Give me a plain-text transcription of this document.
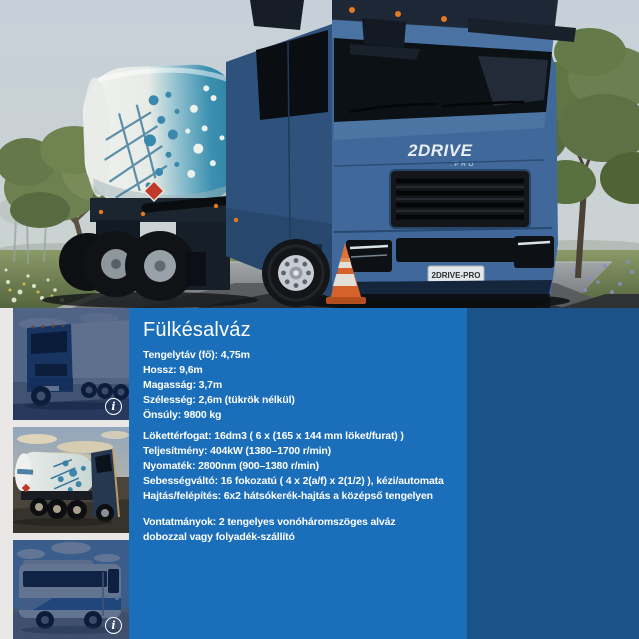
2DRIVE
.PRO
2DRIVE-PRO
i
i
Fülkésalváz
Tengelytáv (fő): 4,75m
Hossz: 9,6m
Magasság: 3,7m
Szélesség: 2,6m (tükrök nélkül)
Önsúly: 9800 kg
Lökettérfogat: 16dm3 ( 6 x (165 x 144 mm löket/furat) )
Teljesítmény: 404kW (1380–1700 r/min)
Nyomaték: 2800nm (900–1380 r/min)
Sebességváltó: 16 fokozatú ( 4 x 2(a/f) x 2(1/2) ), kézi/automata
Hajtás/felépítés: 6x2 hátsókerék-hajtás a középső tengelyen
Vontatmányok: 2 tengelyes vonóháromszöges alváz
dobozzal vagy folyadék-szállító
